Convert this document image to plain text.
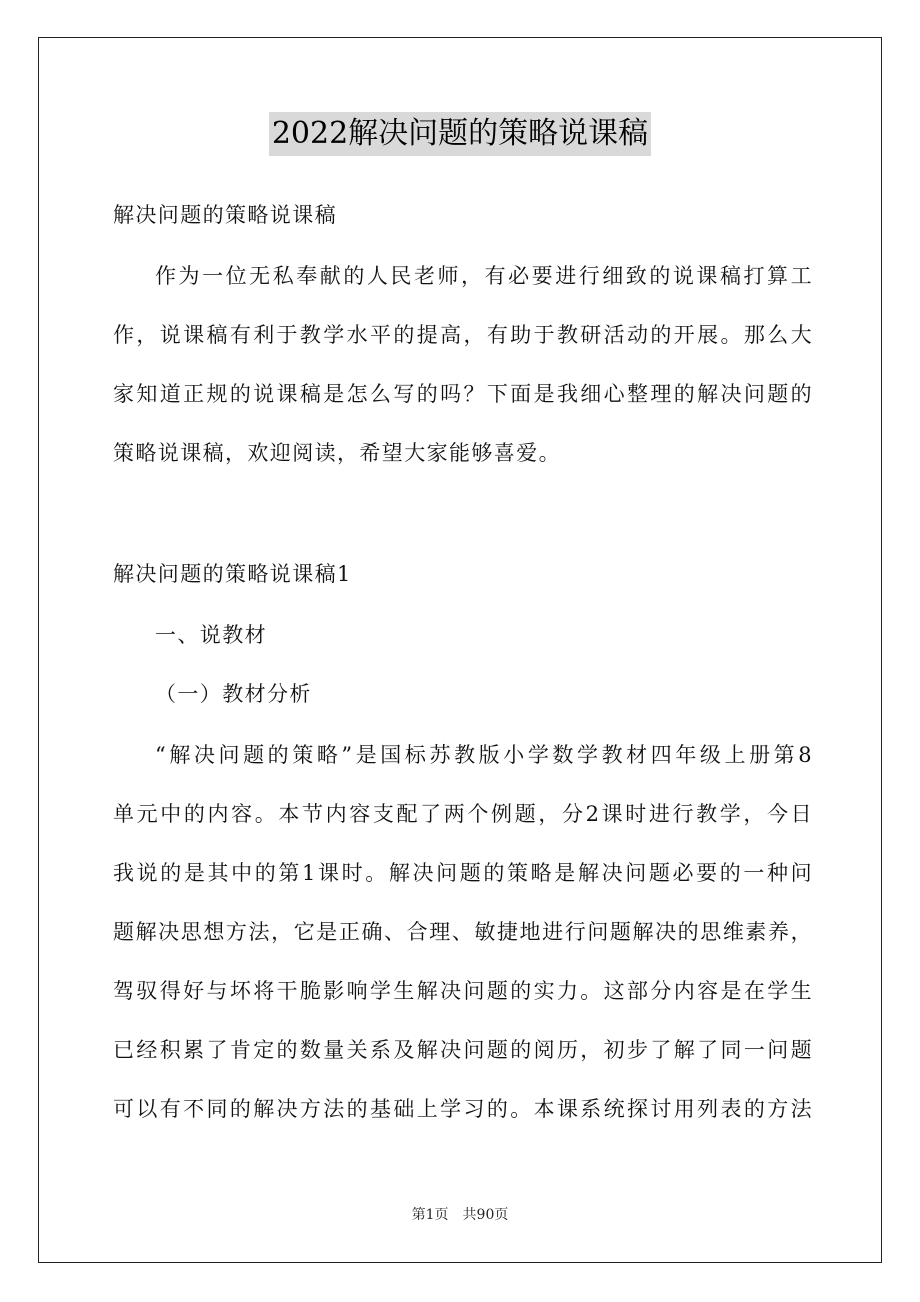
2022解决问题的策略说课稿

解决问题的策略说课稿

作为一位无私奉献的人民老师，有必要进行细致的说课稿打算工

作，说课稿有利于教学水平的提高，有助于教研活动的开展。那么大

家知道正规的说课稿是怎么写的吗？下面是我细心整理的解决问题的

策略说课稿，欢迎阅读，希望大家能够喜爱。

解决问题的策略说课稿1

一、说教材

（一）教材分析

“解决问题的策略”是国标苏教版小学数学教材四年级上册第8

单元中的内容。本节内容支配了两个例题，分2课时进行教学，今日

我说的是其中的第1课时。解决问题的策略是解决问题必要的一种问

题解决思想方法，它是正确、合理、敏捷地进行问题解决的思维素养，

驾驭得好与坏将干脆影响学生解决问题的实力。这部分内容是在学生

已经积累了肯定的数量关系及解决问题的阅历，初步了解了同一问题

可以有不同的解决方法的基础上学习的。本课系统探讨用列表的方法

第1页 共90页
